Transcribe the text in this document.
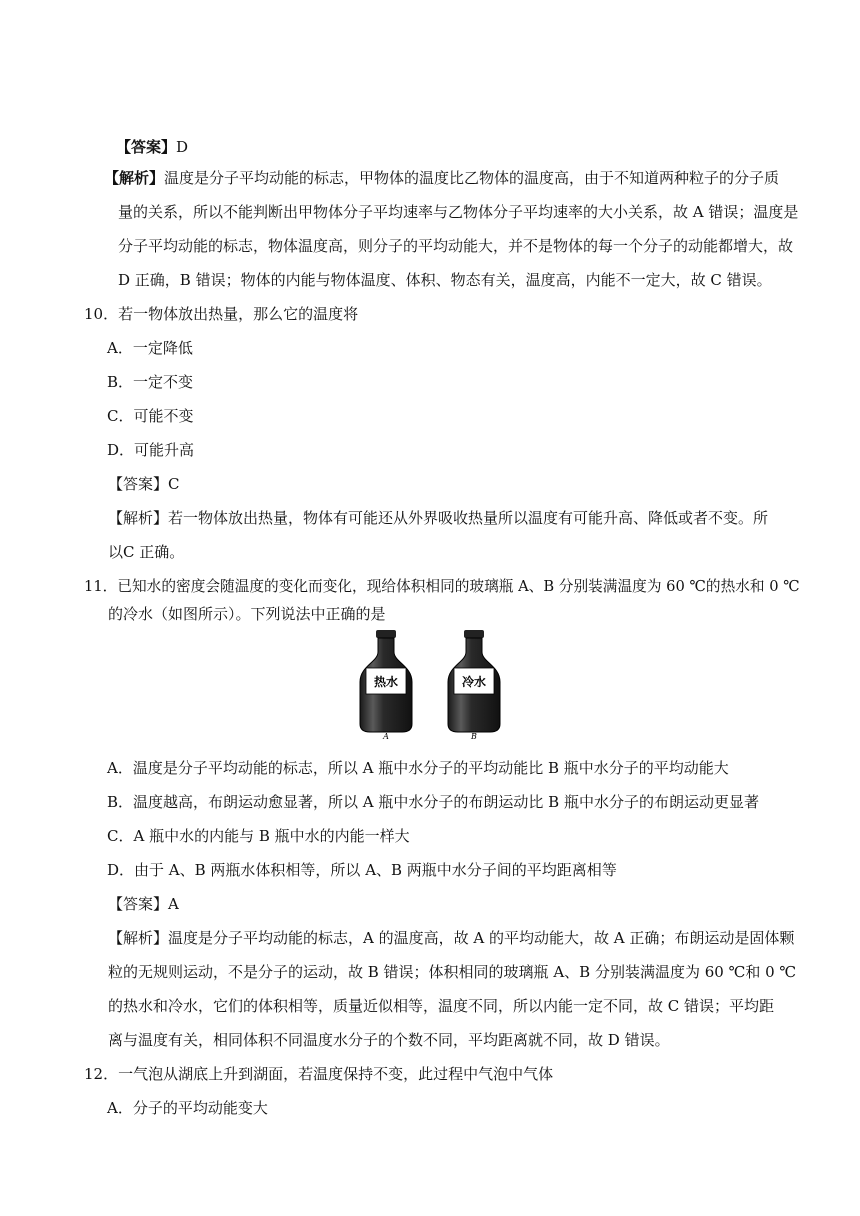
【答案】D
【解析】温度是分子平均动能的标志，甲物体的温度比乙物体的温度高，由于不知道两种粒子的分子质
量的关系，所以不能判断出甲物体分子平均速率与乙物体分子平均速率的大小关系，故 A 错误；温度是
分子平均动能的标志，物体温度高，则分子的平均动能大，并不是物体的每一个分子的动能都增大，故
D 正确，B 错误；物体的内能与物体温度、体积、物态有关，温度高，内能不一定大，故 C 错误。
10．若一物体放出热量，那么它的温度将
A．一定降低
B．一定不变
C．可能不变
D．可能升高
【答案】C
【解析】若一物体放出热量，物体有可能还从外界吸收热量所以温度有可能升高、降低或者不变。所
以C 正确。
11．已知水的密度会随温度的变化而变化，现给体积相同的玻璃瓶 A、B 分别装满温度为 60 ℃的热水和 0 ℃
的冷水（如图所示）。下列说法中正确的是
热水
A
冷水
B
A．温度是分子平均动能的标志，所以 A 瓶中水分子的平均动能比 B 瓶中水分子的平均动能大
B．温度越高，布朗运动愈显著，所以 A 瓶中水分子的布朗运动比 B 瓶中水分子的布朗运动更显著
C．A 瓶中水的内能与 B 瓶中水的内能一样大
D．由于 A、B 两瓶水体积相等，所以 A、B 两瓶中水分子间的平均距离相等
【答案】A
【解析】温度是分子平均动能的标志，A 的温度高，故 A 的平均动能大，故 A 正确；布朗运动是固体颗
粒的无规则运动，不是分子的运动，故 B 错误；体积相同的玻璃瓶 A、B 分别装满温度为 60 ℃和 0 ℃
的热水和冷水，它们的体积相等，质量近似相等，温度不同，所以内能一定不同，故 C 错误；平均距
离与温度有关，相同体积不同温度水分子的个数不同，平均距离就不同，故 D 错误。
12．一气泡从湖底上升到湖面，若温度保持不变，此过程中气泡中气体
A．分子的平均动能变大
